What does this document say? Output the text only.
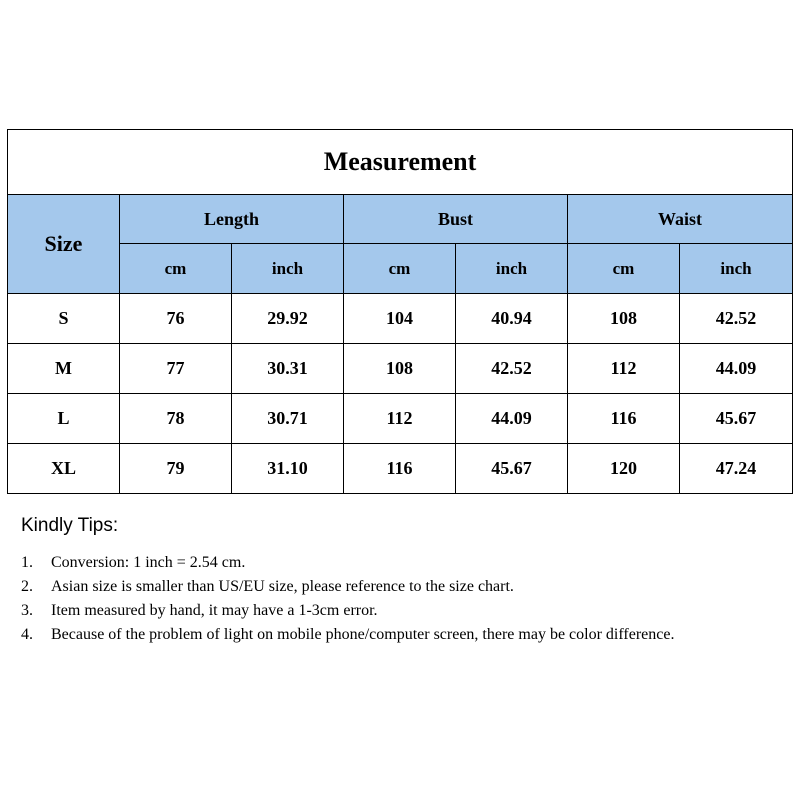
Measurement						
Size	Length		Bust		Waist	
	cm	inch	cm	inch	cm	inch
S	76	29.92	104	40.94	108	42.52
M	77	30.31	108	42.52	112	44.09
L	78	30.71	112	44.09	116	45.67
XL	79	31.10	116	45.67	120	47.24
Kindly Tips:
1. Conversion: 1 inch = 2.54 cm.
2. Asian size is smaller than US/EU size, please reference to the size chart.
3. Item measured by hand, it may have a 1-3cm error.
4. Because of the problem of light on mobile phone/computer screen, there may be color difference.
